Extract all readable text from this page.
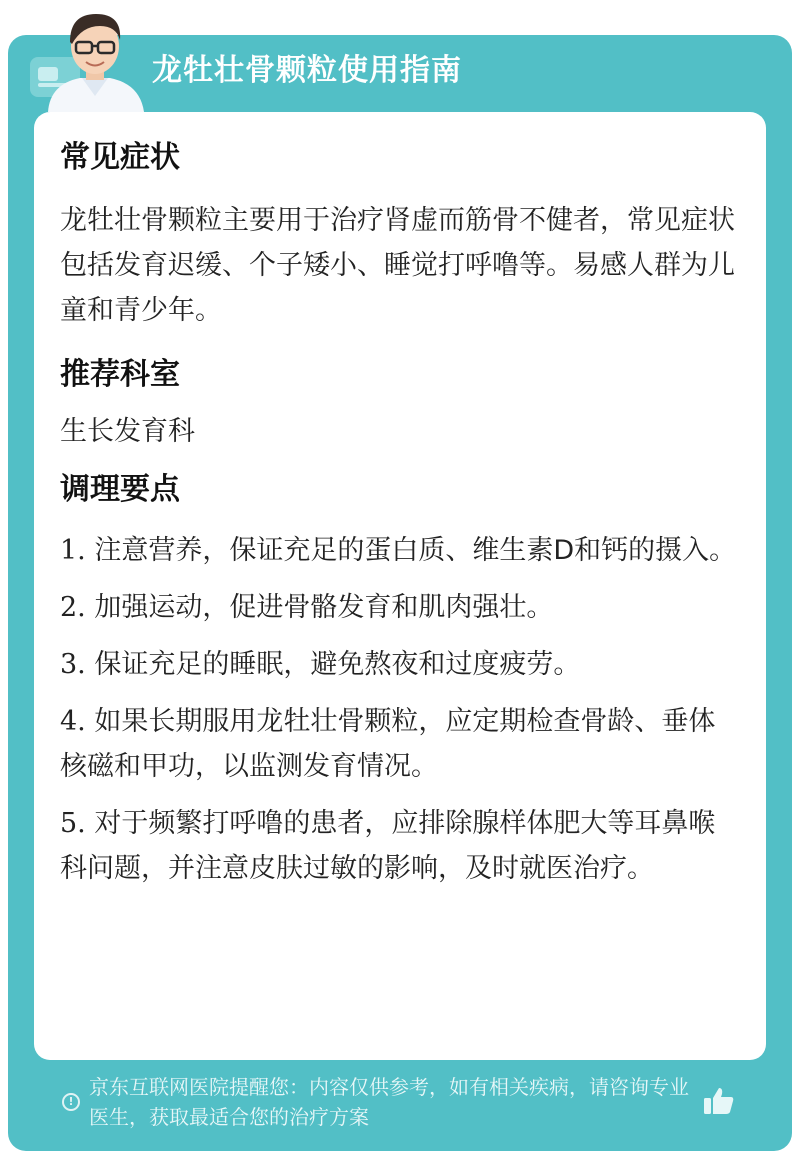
龙牡壮骨颗粒使用指南
常见症状

龙牡壮骨颗粒主要用于治疗肾虚而筋骨不健者，常见症状包括发育迟缓、个子矮小、睡觉打呼噜等。易感人群为儿童和青少年。

推荐科室

生长发育科

调理要点
1. 注意营养，保证充足的蛋白质、维生素D和钙的摄入。
2. 加强运动，促进骨骼发育和肌肉强壮。
3. 保证充足的睡眠，避免熬夜和过度疲劳。
4. 如果长期服用龙牡壮骨颗粒，应定期检查骨龄、垂体核磁和甲功，以监测发育情况。
5. 对于频繁打呼噜的患者，应排除腺样体肥大等耳鼻喉科问题，并注意皮肤过敏的影响，及时就医治疗。
!
京东互联网医院提醒您：内容仅供参考，如有相关疾病，请咨询专业医生，获取最适合您的治疗方案
